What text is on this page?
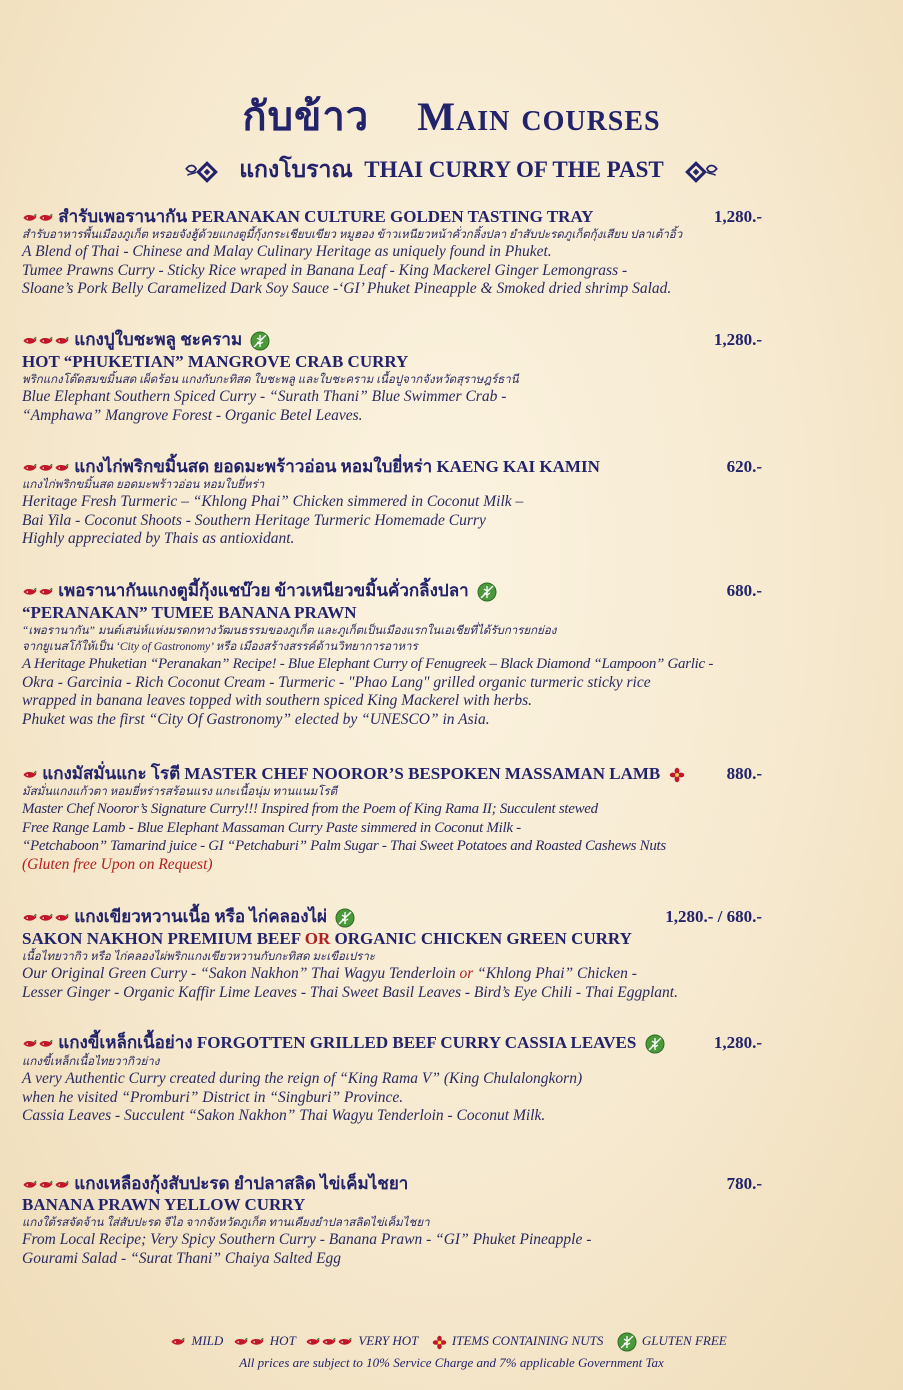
กับข้าว Main courses
แกงโบราณ THAI CURRY OF THE PAST
สำรับเพอรานากัน PERANAKAN CULTURE GOLDEN TASTING TRAY	1,280.-
สำรับอาหารพื้นเมืองภูเก็ต หรอยจังฮู้ด้วยแกงตูมี้กุ้งกระเชียบเขียว หมูฮอง ข้าวเหนียวหน้าคั่วกลิ้งปลา ยำสับปะรดภูเก็ตกุ้งเสียบ ปลาเต้าอิ้ว
A Blend of Thai - Chinese and Malay Culinary Heritage as uniquely found in Phuket.
Tumee Prawns Curry - Sticky Rice wraped in Banana Leaf - King Mackerel Ginger Lemongrass -
Sloane’s Pork Belly Caramelized Dark Soy Sauce -‘GI’ Phuket Pineapple & Smoked dried shrimp Salad.
แกงปูใบชะพลู ชะคราม	1,280.-
HOT “PHUKETIAN” MANGROVE CRAB CURRY
พริกแกงโต๊ดสมขมิ้นสด เผ็ดร้อน แกงกับกะทิสด ใบชะพลู และใบชะคราม เนื้อปูจากจังหวัดสุราษฎร์ธานี
Blue Elephant Southern Spiced Curry - “Surath Thani” Blue Swimmer Crab -
“Amphawa” Mangrove Forest - Organic Betel Leaves.
แกงไก่พริกขมิ้นสด ยอดมะพร้าวอ่อน หอมใบยี่หร่า KAENG KAI KAMIN	620.-
แกงไก่พริกขมิ้นสด ยอดมะพร้าวอ่อน หอมใบยี่หร่า
Heritage Fresh Turmeric – “Khlong Phai” Chicken simmered in Coconut Milk –
Bai Yila - Coconut Shoots - Southern Heritage Turmeric Homemade Curry
Highly appreciated by Thais as antioxidant.
เพอรานากันแกงตูมี้กุ้งแชบ๊วย ข้าวเหนียวขมิ้นคั่วกลิ้งปลา	680.-
“PERANAKAN” TUMEE BANANA PRAWN
“เพอรานากัน” มนต์เสน่ห์แห่งมรดกทางวัฒนธรรมของภูเก็ต และภูเก็ตเป็นเมืองแรกในเอเชียที่ได้รับการยกย่อง
จากยูเนสโก้ให้เป็น ‘City of Gastronomy’ หรือ เมืองสร้างสรรค์ด้านวิทยาการอาหาร
A Heritage Phuketian “Peranakan” Recipe! - Blue Elephant Curry of Fenugreek – Black Diamond “Lampoon” Garlic -
Okra - Garcinia - Rich Coconut Cream - Turmeric - "Phao Lang" grilled organic turmeric sticky rice
wrapped in banana leaves topped with southern spiced King Mackerel with herbs.
Phuket was the first “City Of Gastronomy” elected by “UNESCO” in Asia.
แกงมัสมั่นแกะ โรตี MASTER CHEF NOOROR’S BESPOKEN MASSAMAN LAMB	880.-
มัสมั่นแกงแก้วตา หอมยี่หร่ารสร้อนแรง แกะเนื้อนุ่ม ทานแนมโรตี
Master Chef Nooror’s Signature Curry!!! Inspired from the Poem of King Rama II; Succulent stewed
Free Range Lamb - Blue Elephant Massaman Curry Paste simmered in Coconut Milk -
“Petchaboon” Tamarind juice - GI “Petchaburi” Palm Sugar - Thai Sweet Potatoes and Roasted Cashews Nuts
(Gluten free Upon on Request)
แกงเขียวหวานเนื้อ หรือ ไก่คลองไผ่	1,280.- / 680.-
SAKON NAKHON PREMIUM BEEF OR ORGANIC CHICKEN GREEN CURRY
เนื้อไทยวากิว หรือ ไก่คลองไผ่พริกแกงเขียวหวานกับกะทิสด มะเขือเปราะ
Our Original Green Curry - “Sakon Nakhon” Thai Wagyu Tenderloin or “Khlong Phai” Chicken -
Lesser Ginger - Organic Kaffir Lime Leaves - Thai Sweet Basil Leaves - Bird’s Eye Chili - Thai Eggplant.
แกงขี้เหล็กเนื้อย่าง FORGOTTEN GRILLED BEEF CURRY CASSIA LEAVES	1,280.-
แกงขี้เหล็กเนื้อไทยวากิวย่าง
A very Authentic Curry created during the reign of “King Rama V” (King Chulalongkorn)
when he visited “Promburi” District in “Singburi” Province.
Cassia Leaves - Succulent “Sakon Nakhon” Thai Wagyu Tenderloin - Coconut Milk.
แกงเหลืองกุ้งสับปะรด ยำปลาสลิด ไข่เค็มไชยา	780.-
BANANA PRAWN YELLOW CURRY
แกงใต้รสจัดจ้าน ใส่สับปะรด จีไอ จากจังหวัดภูเก็ต ทานเคียงยำปลาสลิดไข่เค็มไชยา
From Local Recipe; Very Spicy Southern Curry - Banana Prawn - “GI” Phuket Pineapple -
Gourami Salad - “Surat Thani” Chaiya Salted Egg
MILD	HOT	VERY HOT	ITEMS CONTAINING NUTS	GLUTEN FREE
All prices are subject to 10% Service Charge and 7% applicable Government Tax
